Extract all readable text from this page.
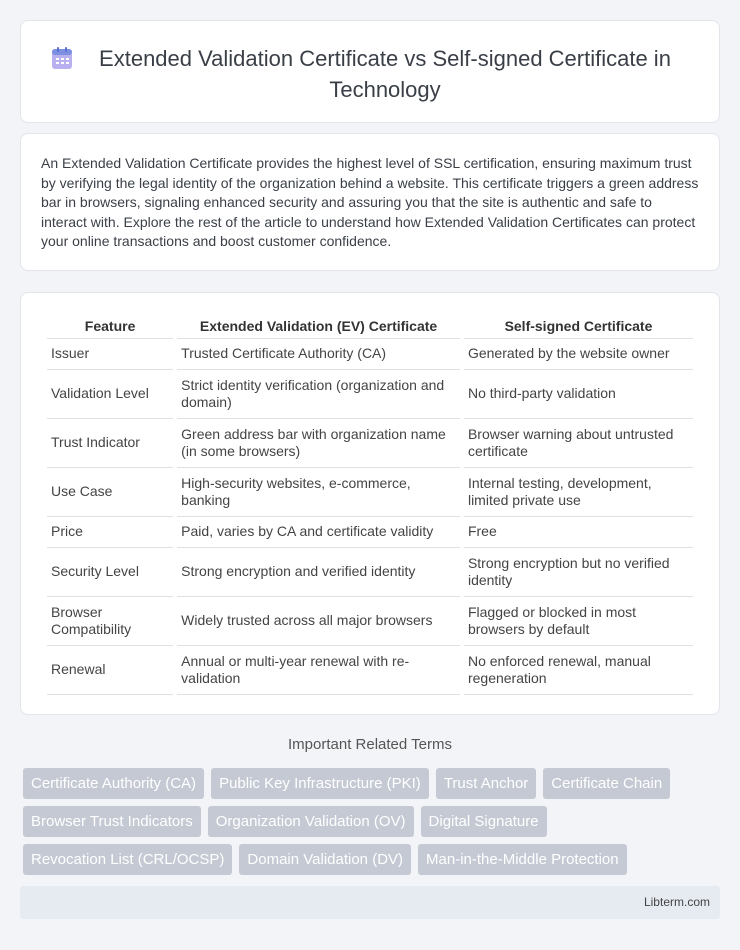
Extended Validation Certificate vs Self-signed Certificate in Technology

An Extended Validation Certificate provides the highest level of SSL certification, ensuring maximum trust by verifying the legal identity of the organization behind a website. This certificate triggers a green address bar in browsers, signaling enhanced security and assuring you that the site is authentic and safe to interact with. Explore the rest of the article to understand how Extended Validation Certificates can protect your online transactions and boost customer confidence.

Feature	Extended Validation (EV) Certificate	Self-signed Certificate
Issuer	Trusted Certificate Authority (CA)	Generated by the website owner
Validation Level	Strict identity verification (organization and domain)	No third-party validation
Trust Indicator	Green address bar with organization name (in some browsers)	Browser warning about untrusted certificate
Use Case	High-security websites, e-commerce, banking	Internal testing, development, limited private use
Price	Paid, varies by CA and certificate validity	Free
Security Level	Strong encryption and verified identity	Strong encryption but no verified identity
Browser Compatibility	Widely trusted across all major browsers	Flagged or blocked in most browsers by default
Renewal	Annual or multi-year renewal with re-validation	No enforced renewal, manual regeneration
Important Related Terms
Certificate Authority (CA)	Public Key Infrastructure (PKI)	Trust Anchor	Certificate Chain
Browser Trust Indicators	Organization Validation (OV)	Digital Signature
Revocation List (CRL/OCSP)	Domain Validation (DV)	Man-in-the-Middle Protection
Libterm.com
